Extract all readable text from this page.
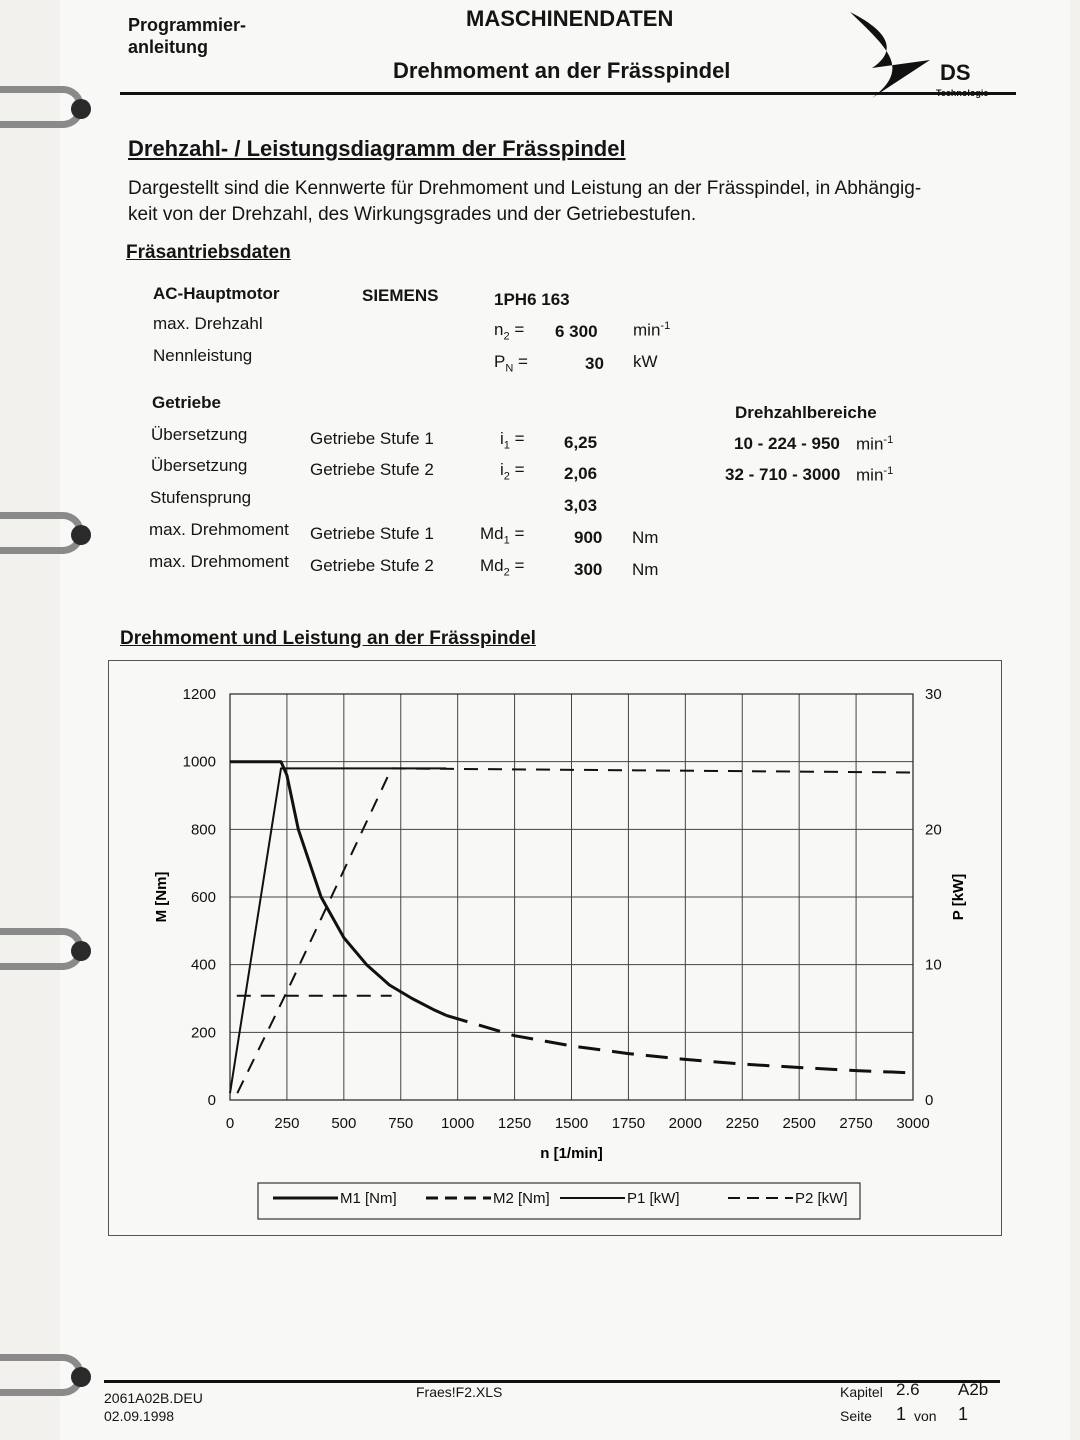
Programmier-
anleitung
MASCHINENDATEN
Drehmoment an der Frässpindel	DS
Drehzahl- / Leistungsdiagramm der Frässpindel
Dargestellt sind die Kennwerte für Drehmoment und Leistung an der Frässpindel, in Abhängig-
keit von der Drehzahl, des Wirkungsgrades und der Getriebestufen.
Fräsantriebsdaten
AC-Hauptmotor	SIEMENS	1PH6 163
max. Drehzahl	$n_2 = 6$ 300 $\min^{-1}$
Nennleistung	$P_N$ =	30 kW
Getriebe
Drehzahlbereiche
Übersetzung	Getriebe Stufe 1	$i_1 = 6,25$	10 - 224 - 950 $\min^{-1}$
Übersetzung	Getriebe Stufe 2	$i_2 = 2,06$	32 - 710 - 3000 $\min^{-1}$
Stufensprung	3,03
max. Drehmoment Getriebe Stufe 1	$Md_1$ =	900 Nm
max. Drehmoment Getriebe Stufe 2	$Md_2$ =	300 Nm
Drehmoment und Leistung an der Frässpindel
0	250 500 750 1000 1250 1500 1750 2000 2250 2500 2750 3000
0
200
400
600
800
1000
1200
0
10
20
30
n [1/min]
M [Nm]	P [kW]
M1 [Nm]	M2 [Nm]	P1 [kW]	P2 [kW]
2061A02B.DEU
02.09.1998
Fraes!F2.XLS	Kapitel 2.6 A2b
Seite 1 von 1
